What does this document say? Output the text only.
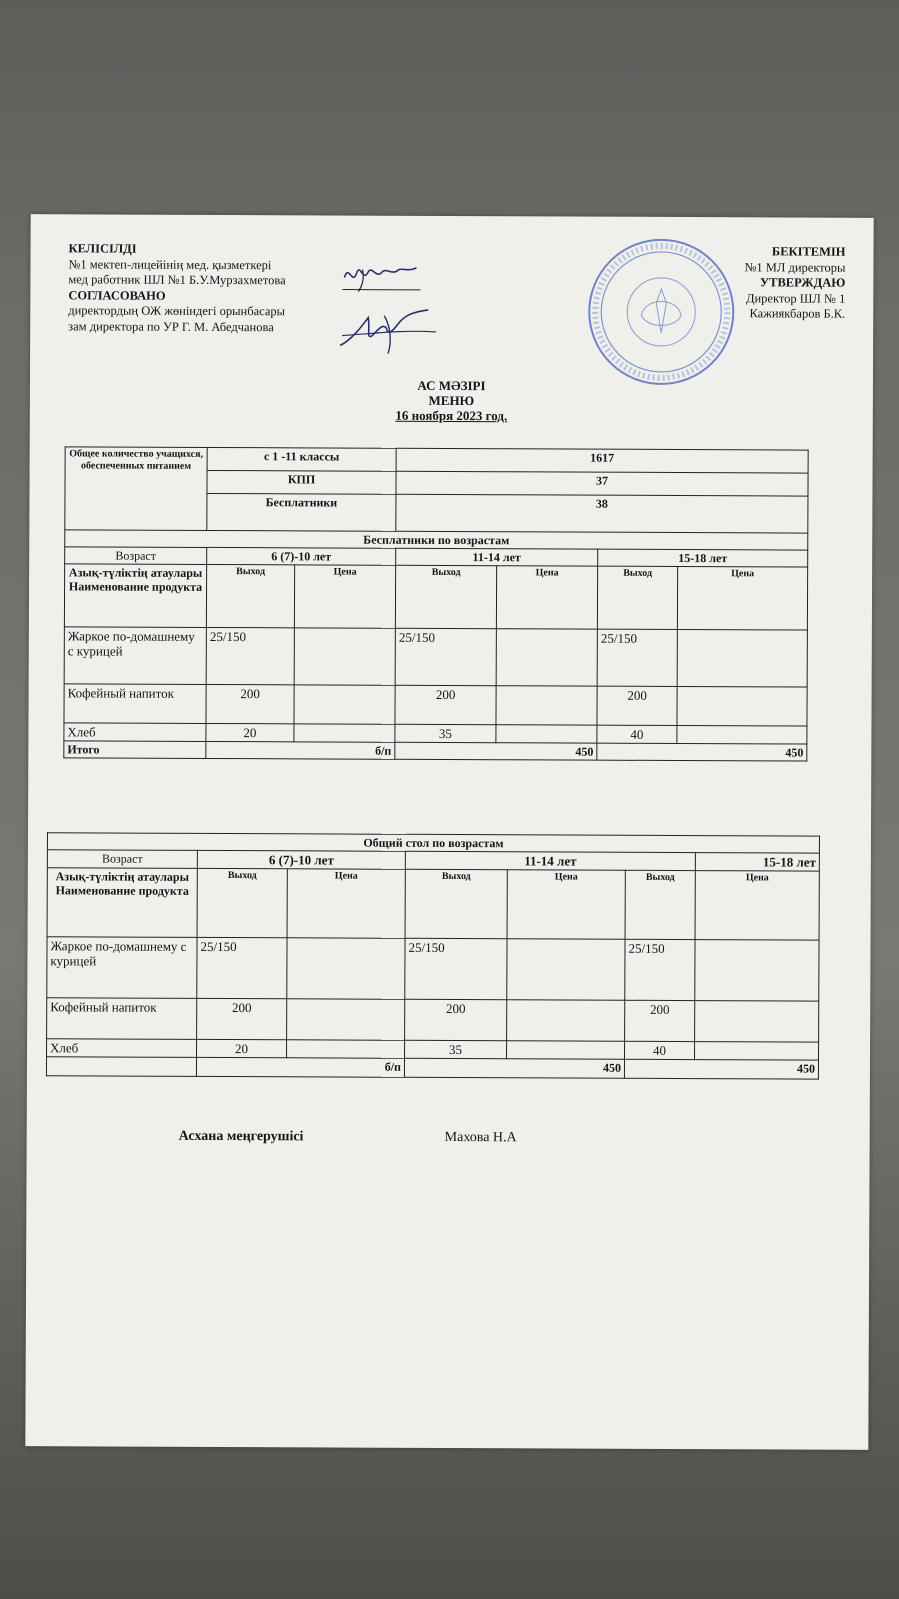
КЕЛІСІЛДІ
№1 мектеп-лицейінің мед. қызметкері
мед работник ШЛ №1 Б.У.Мурзахметова
СОГЛАСОВАНО
директордың ОЖ жөніндегі орынбасары
зам директора по УР Г. М. Абедчанова
БЕКІТЕМІН
№1 МЛ директоры
УТВЕРЖДАЮ
Директор ШЛ № 1
Кажиякбаров Б.К.
АС МӘЗІРІ
МЕНЮ
16 ноября 2023 год.
Общее количество учащихся, обеспеченных питанием	с 1 -11 классы		1617			
	КПП		37			
	Бесплатники		38			
Бесплатники по возрастам						
Возраст	6 (7)-10 лет		11-14 лет		15-18 лет	
Азық-түліктің атаулары Наименование продукта	Выход	Цена	Выход	Цена	Выход	Цена
Жаркое по-домашнему с курицей	25/150		25/150		25/150	
Кофейный напиток	200		200		200	
Хлеб	20		35		40	
Итого	б/п		450		450	
Общий стол по возрастам						
Возраст	6 (7)-10 лет		11-14 лет			15-18 лет
Азық-түліктің атаулары Наименование продукта	Выход	Цена	Выход	Цена	Выход	Цена
Жаркое по-домашнему с курицей	25/150		25/150		25/150	
Кофейный напиток	200		200		200	
Хлеб	20		35		40	
	б/п		450		450	
Асхана меңгерушісі	Махова Н.А
